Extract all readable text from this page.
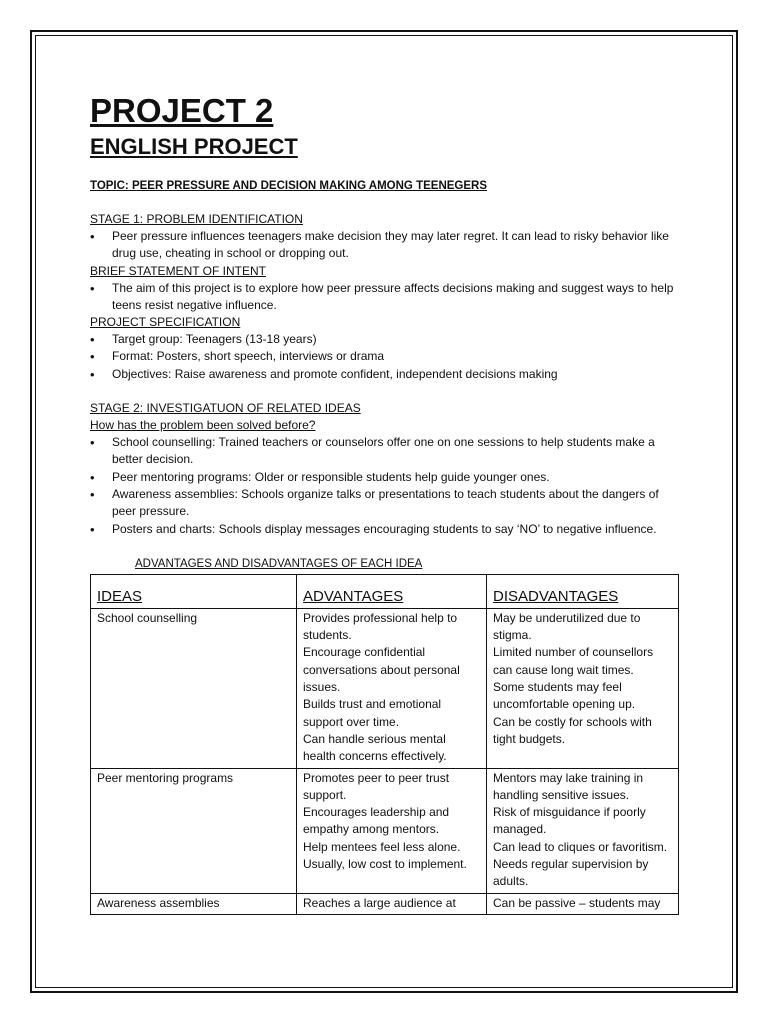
PROJECT 2
ENGLISH PROJECT
TOPIC: PEER PRESSURE AND DECISION MAKING AMONG TEENEGERS
STAGE 1: PROBLEM IDENTIFICATION
• Peer pressure influences teenagers make decision they may later regret. It can lead to risky behavior like drug use, cheating in school or dropping out.
BRIEF STATEMENT OF INTENT
• The aim of this project is to explore how peer pressure affects decisions making and suggest ways to help teens resist negative influence.
PROJECT SPECIFICATION
• Target group: Teenagers (13-18 years)
• Format: Posters, short speech, interviews or drama
• Objectives: Raise awareness and promote confident, independent decisions making
STAGE 2: INVESTIGATUON OF RELATED IDEAS
How has the problem been solved before?
• School counselling: Trained teachers or counselors offer one on one sessions to help students make a better decision.
• Peer mentoring programs: Older or responsible students help guide younger ones.
• Awareness assemblies: Schools organize talks or presentations to teach students about the dangers of peer pressure.
• Posters and charts: Schools display messages encouraging students to say ‘NO’ to negative influence.
ADVANTAGES AND DISADVANTAGES OF EACH IDEA
IDEAS	ADVANTAGES	DISADVANTAGES
School counselling	Provides professional help to students.
Encourage confidential conversations about personal issues.
Builds trust and emotional support over time.
Can handle serious mental health concerns effectively.	May be underutilized due to stigma.
Limited number of counsellors can cause long wait times.
Some students may feel uncomfortable opening up.
Can be costly for schools with tight budgets.

Peer mentoring programs	Promotes peer to peer trust support.
Encourages leadership and empathy among mentors.
Help mentees feel less alone.
Usually, low cost to implement.	Mentors may lake training in handling sensitive issues.
Risk of misguidance if poorly managed.
Can lead to cliques or favoritism.
Needs regular supervision by adults.

Awareness assemblies	Reaches a large audience at	Can be passive – students may
